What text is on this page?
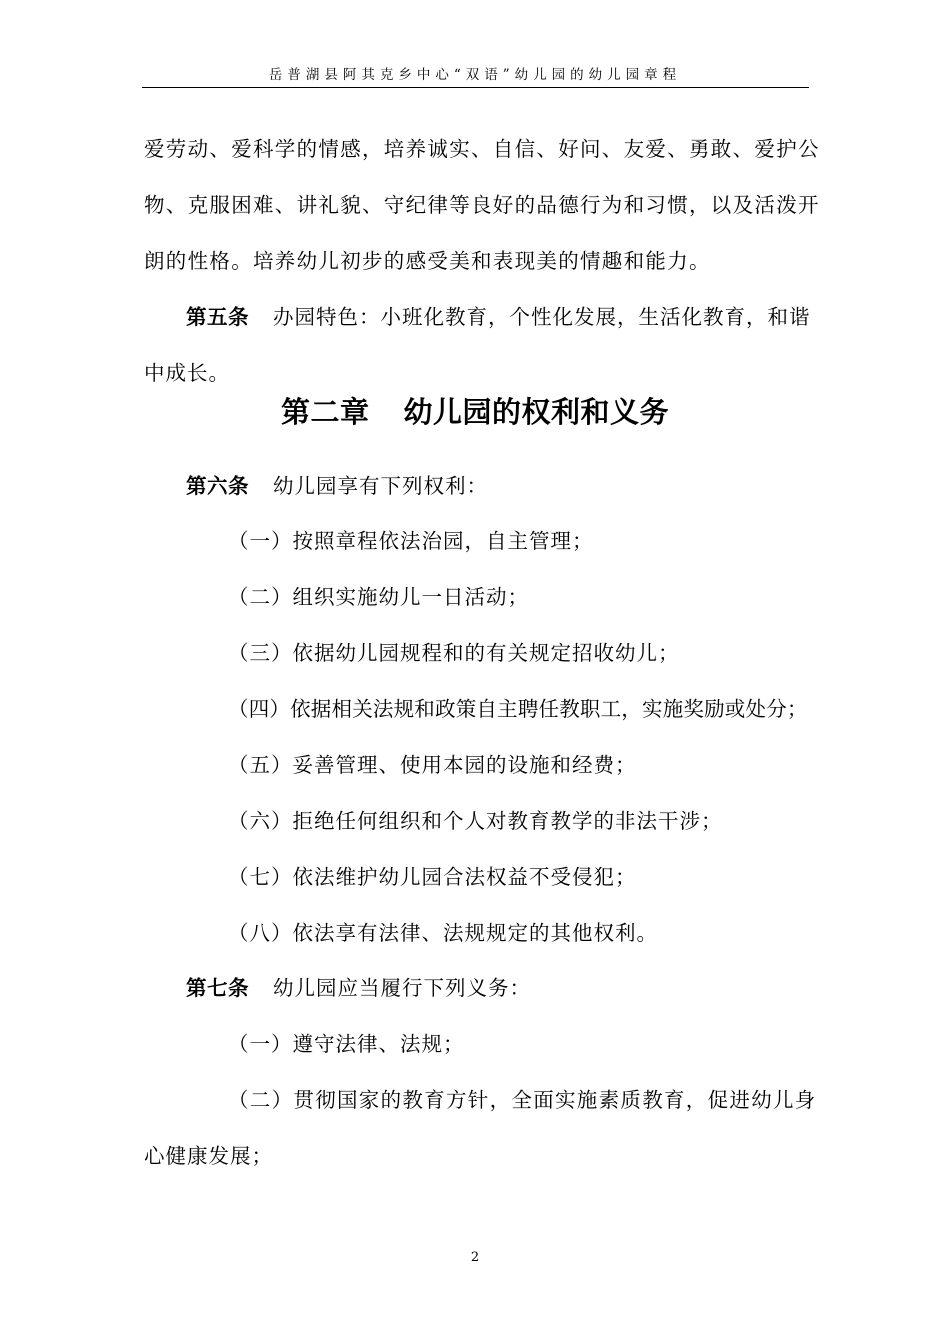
岳普湖县阿其克乡中心“双语”幼儿园的幼儿园章程
爱劳动、爱科学的情感，培养诚实、自信、好问、友爱、勇敢、爱护公
物、克服困难、讲礼貌、守纪律等良好的品德行为和习惯，以及活泼开
朗的性格。培养幼儿初步的感受美和表现美的情趣和能力。
第五条 办园特色：小班化教育，个性化发展，生活化教育，和谐
中成长。
第二章 幼儿园的权利和义务
第六条 幼儿园享有下列权利：
（一）按照章程依法治园，自主管理；
（二）组织实施幼儿一日活动；
（三）依据幼儿园规程和的有关规定招收幼儿；
（四）依据相关法规和政策自主聘任教职工，实施奖励或处分；
（五）妥善管理、使用本园的设施和经费；
（六）拒绝任何组织和个人对教育教学的非法干涉；
（七）依法维护幼儿园合法权益不受侵犯；
（八）依法享有法律、法规规定的其他权利。
第七条 幼儿园应当履行下列义务：
（一）遵守法律、法规；
（二）贯彻国家的教育方针，全面实施素质教育，促进幼儿身
心健康发展；
2
